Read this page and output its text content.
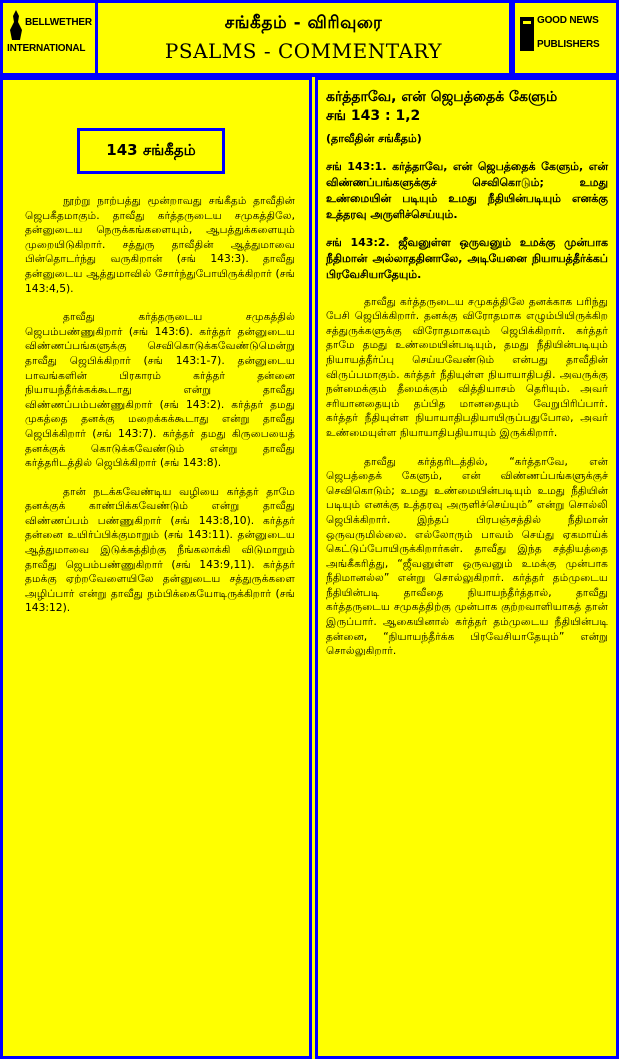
BELLWETHER
INTERNATIONAL
சங்கீதம் - விரிவுரை
PSALMS - COMMENTARY
GOOD NEWS
PUBLISHERS
143 சங்கீதம்

நூற்று நாற்பத்து மூன்றாவது சங்கீதம் தாவீதின் ஜெபகீதமாகும். தாவீது கர்த்தருடைய சமுகத்திலே, தன்னுடைய நெருக்கங்களையும், ஆபத்துக்களையும் முறையிடுகிறார். சத்துரு தாவீதின் ஆத்துமாவை பின்தொடர்ந்து வருகிறான் (சங் 143:3). தாவீது தன்னுடைய ஆத்துமாவில் சோர்ந்துபோயிருக்கிறார் (சங் 143:4,5).

தாவீது கர்த்தருடைய சமுகத்தில் ஜெபம்பண்ணுகிறார் (சங் 143:6). கர்த்தர் தன்னுடைய விண்ணப்பங்களுக்கு செவிகொடுக்கவேண்டுமென்று தாவீது ஜெபிக்கிறார் (சங் 143:1-7). தன்னுடைய பாவங்களின் பிரகாரம் கர்த்தர் தன்னை நியாயந்தீர்க்கக்கூடாது என்று தாவீது விண்ணப்பம்பண்ணுகிறார் (சங் 143:2). கர்த்தர் தமது முகத்தை தனக்கு மறைக்கக்கூடாது என்று தாவீது ஜெபிக்கிறார் (சங் 143:7). கர்த்தர் தமது கிருபையைத் தனக்குக் கொடுக்கவேண்டும் என்று தாவீது கர்த்தரிடத்தில் ஜெபிக்கிறார் (சங் 143:8).

தான் நடக்கவேண்டிய வழியை கர்த்தர் தாமே தனக்குக் காண்பிக்கவேண்டும் என்று தாவீது விண்ணப்பம் பண்ணுகிறார் (சங் 143:8,10). கர்த்தர் தன்னை உயிர்ப்பிக்குமாறும் (சங் 143:11). தன்னுடைய ஆத்துமாவை இடுக்கத்திற்கு நீங்கலாக்கி விடுமாறும் தாவீது ஜெபம்பண்ணுகிறார் (சங் 143:9,11). கர்த்தர் தமக்கு ஏற்றவேளையிலே தன்னுடைய சத்துருக்களை அழிப்பார் என்று தாவீது நம்பிக்கையோடிருக்கிறார் (சங் 143:12).

கர்த்தாவே, என் ஜெபத்தைக் கேளும்

சங் 143 : 1,2

(தாவீதின் சங்கீதம்)

சங் 143:1. கர்த்தாவே, என் ஜெபத்தைக் கேளும், என் விண்ணப்பங்களுக்குச் செவிகொடும்; உமது உண்மையின் படியும் உமது நீதியின்படியும் எனக்கு உத்தரவு அருளிச்செய்யும்.

சங் 143:2. ஜீவனுள்ள ஒருவனும் உமக்கு முன்பாக நீதிமான் அல்லாததினாலே, அடியேனை நியாயத்தீர்க்கப் பிரவேசியாதேயும்.

தாவீது கர்த்தருடைய சமுகத்திலே தனக்காக பரிந்து பேசி ஜெபிக்கிறார். தனக்கு விரோதமாக எழும்பியிருக்கிற சத்துருக்களுக்கு விரோதமாகவும் ஜெபிக்கிறார். கர்த்தர் தாமே தமது உண்மையின்படியும், தமது நீதியின்படியும் நியாயத்தீர்ப்பு செய்யவேண்டும் என்பது தாவீதின் விருப்பமாகும். கர்த்தர் நீதியுள்ள நியாயாதிபதி. அவருக்கு நன்மைக்கும் தீமைக்கும் வித்தியாசம் தெரியும். அவர் சரியானதையும் தப்பித மானதையும் வேறுபிரிப்பார். கர்த்தர் நீதியுள்ள நியாயாதிபதியாயிருப்பதுபோல, அவர் உண்மையுள்ள நியாயாதிபதியாயும் இருக்கிறார்.

தாவீது கர்த்தரிடத்தில், “கர்த்தாவே, என் ஜெபத்தைக் கேளும், என் விண்ணப்பங்களுக்குச் செவிகொடும்; உமது உண்மையின்படியும் உமது நீதியின் படியும் எனக்கு உத்தரவு அருளிச்செய்யும்” என்று சொல்லி ஜெபிக்கிறார். இந்தப் பிரபஞ்சத்தில் நீதிமான் ஒருவருமில்லை. எல்லோரும் பாவம் செய்து ஏகமாய்க் கெட்டுப்போயிருக்கிறார்கள். தாவீது இந்த சத்தியத்தை அங்கீகரித்து, “ஜீவனுள்ள ஒருவனும் உமக்கு முன்பாக நீதிமானல்ல” என்று சொல்லுகிறார். கர்த்தர் தம்முடைய நீதியின்படி தாவீதை நியாயந்தீர்த்தால், தாவீது கர்த்தருடைய சமுகத்திற்கு முன்பாக குற்றவாளியாகத் தான் இருப்பார். ஆகையினால் கர்த்தர் தம்முடைய நீதியின்படி தன்னை, “நியாயந்தீர்க்க பிரவேசியாதேயும்” என்று சொல்லுகிறார்.
